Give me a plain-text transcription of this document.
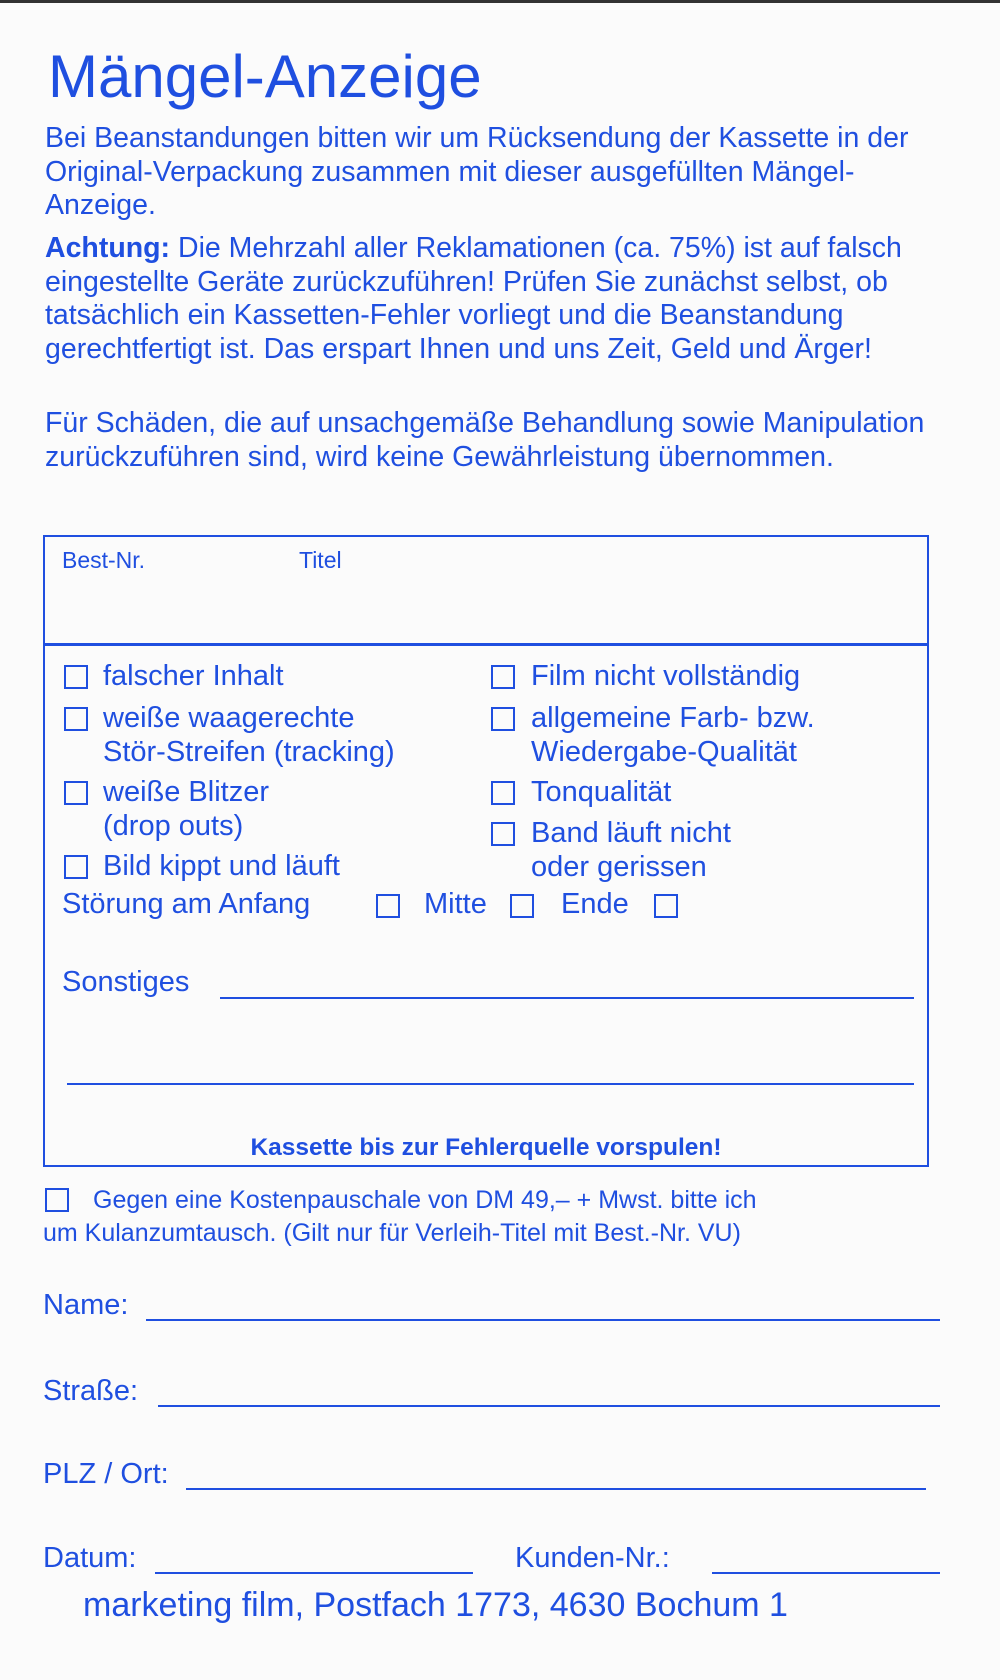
Mängel-Anzeige

Bei Beanstandungen bitten wir um Rücksendung der Kassette in der Original-Verpackung zusammen mit dieser ausgefüllten Mängel-Anzeige.

Achtung: Die Mehrzahl aller Reklamationen (ca. 75%) ist auf falsch eingestellte Geräte zurückzuführen! Prüfen Sie zunächst selbst, ob tatsächlich ein Kassetten-Fehler vorliegt und die Beanstandung gerechtfertigt ist. Das erspart Ihnen und uns Zeit, Geld und Ärger!

Für Schäden, die auf unsachgemäße Behandlung sowie Manipulation zurückzuführen sind, wird keine Gewährleistung übernommen.

Best-Nr.	Titel
falscher Inhalt
weiße waagerechte
Stör-Streifen (tracking)
weiße Blitzer
(drop outs)
Bild kippt und läuft
Film nicht vollständig
allgemeine Farb- bzw.
Wiedergabe-Qualität
Tonqualität
Band läuft nicht
oder gerissen
Störung am Anfang	Mitte	Ende
Sonstiges
Kassette bis zur Fehlerquelle vorspulen!
Gegen eine Kostenpauschale von DM 49,– + Mwst. bitte ich
um Kulanzumtausch. (Gilt nur für Verleih-Titel mit Best.-Nr. VU)
Name:
Straße:
PLZ / Ort:
Datum:	Kunden-Nr.:
marketing film, Postfach 1773, 4630 Bochum 1
